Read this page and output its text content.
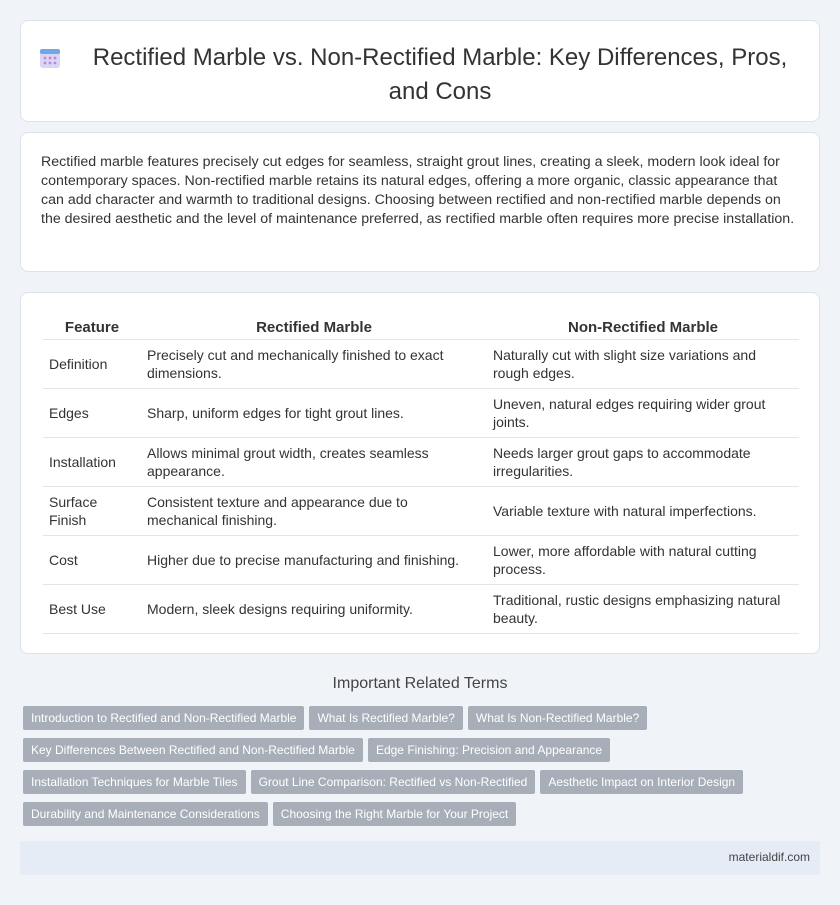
Rectified Marble vs. Non-Rectified Marble: Key Differences, Pros, and Cons

Rectified marble features precisely cut edges for seamless, straight grout lines, creating a sleek, modern look ideal for contemporary spaces. Non-rectified marble retains its natural edges, offering a more organic, classic appearance that can add character and warmth to traditional designs. Choosing between rectified and non-rectified marble depends on the desired aesthetic and the level of maintenance preferred, as rectified marble often requires more precise installation.

Feature	Rectified Marble	Non-Rectified Marble
Definition	Precisely cut and mechanically finished to exact dimensions.	Naturally cut with slight size variations and rough edges.
Edges	Sharp, uniform edges for tight grout lines.	Uneven, natural edges requiring wider grout joints.
Installation	Allows minimal grout width, creates seamless appearance.	Needs larger grout gaps to accommodate irregularities.
Surface Finish	Consistent texture and appearance due to mechanical finishing.	Variable texture with natural imperfections.
Cost	Higher due to precise manufacturing and finishing.	Lower, more affordable with natural cutting process.
Best Use	Modern, sleek designs requiring uniformity.	Traditional, rustic designs emphasizing natural beauty.
Important Related Terms
Introduction to Rectified and Non-Rectified Marble What Is Rectified Marble? What Is Non-Rectified Marble?
Key Differences Between Rectified and Non-Rectified Marble Edge Finishing: Precision and Appearance
Installation Techniques for Marble Tiles Grout Line Comparison: Rectified vs Non-Rectified Aesthetic Impact on Interior Design
Durability and Maintenance Considerations Choosing the Right Marble for Your Project
materialdif.com
